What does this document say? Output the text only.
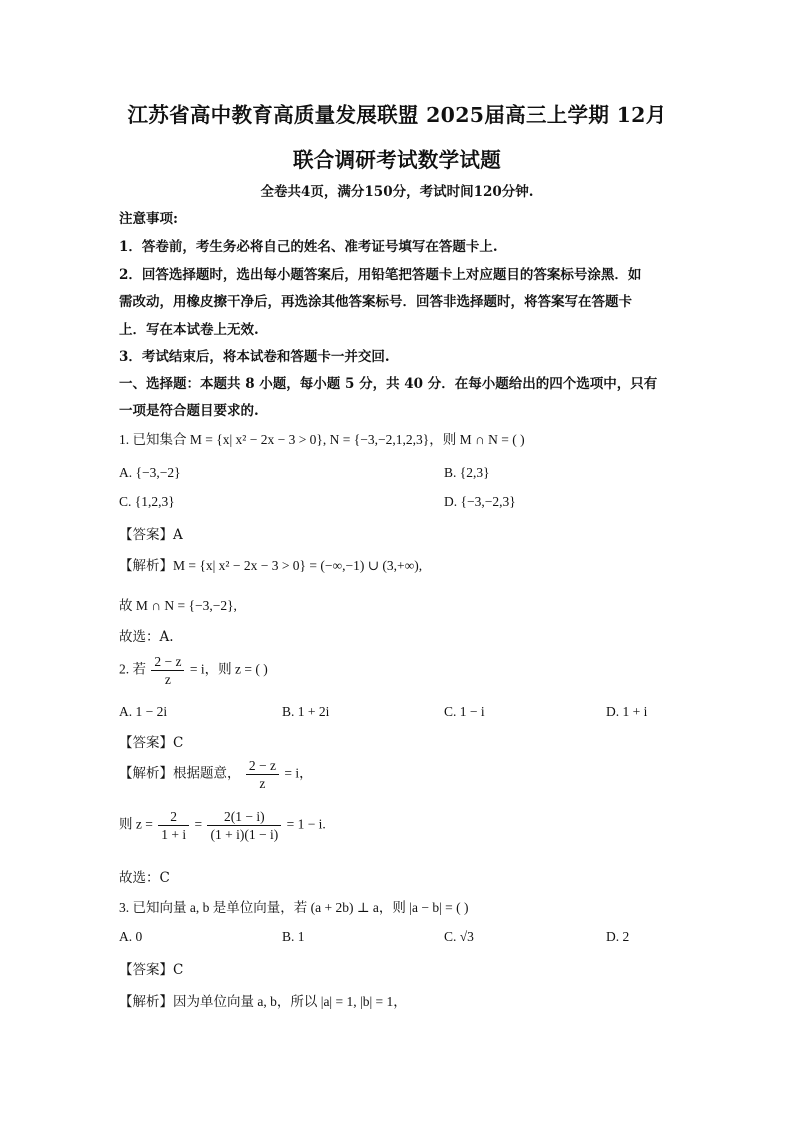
江苏省高中教育高质量发展联盟 2025届高三上学期 12月
联合调研考试数学试题
全卷共4页，满分150分，考试时间120分钟.
注意事项:
1．答卷前，考生务必将自己的姓名、准考证号填写在答题卡上.
2．回答选择题时，选出每小题答案后，用铅笔把答题卡上对应题目的答案标号涂黑．如
需改动，用橡皮擦干净后，再选涂其他答案标号．回答非选择题时，将答案写在答题卡
上．写在本试卷上无效.
3．考试结束后，将本试卷和答题卡一并交回.
一、选择题：本题共 8 小题，每小题 5 分，共 40 分．在每小题给出的四个选项中，只有
一项是符合题目要求的.
1. 已知集合 M = {x| x² − 2x − 3 > 0}, N = {−3,−2,1,2,3}，则 M ∩ N = ( )
A. {−3,−2}	B. {2,3}
C. {1,2,3}	D. {−3,−2,3}
【答案】A
【解析】M = {x| x² − 2x − 3 > 0} = (−∞,−1) ∪ (3,+∞),
故 M ∩ N = {−3,−2},
故选：A.
2. 若 $\frac{2 - z}{z} = i$，则 z = ( )
A. 1 − 2i	B. 1 + 2i	C. 1 − i	D. 1 + i
【答案】C
【解析】根据题意， $\frac{2 - z}{z} = i$，
则 $z = \frac{2}{1 + i} = \frac{2(1 - i)}{(1 + i)(1 - i)} = 1 - i$.
故选：C
3. 已知向量 a, b 是单位向量，若 (a + 2b) ⊥ a，则 |a − b| = ( )
A. 0	B. 1	C. √3	D. 2
【答案】C
【解析】因为单位向量 a, b，所以 |a| = 1, |b| = 1，
